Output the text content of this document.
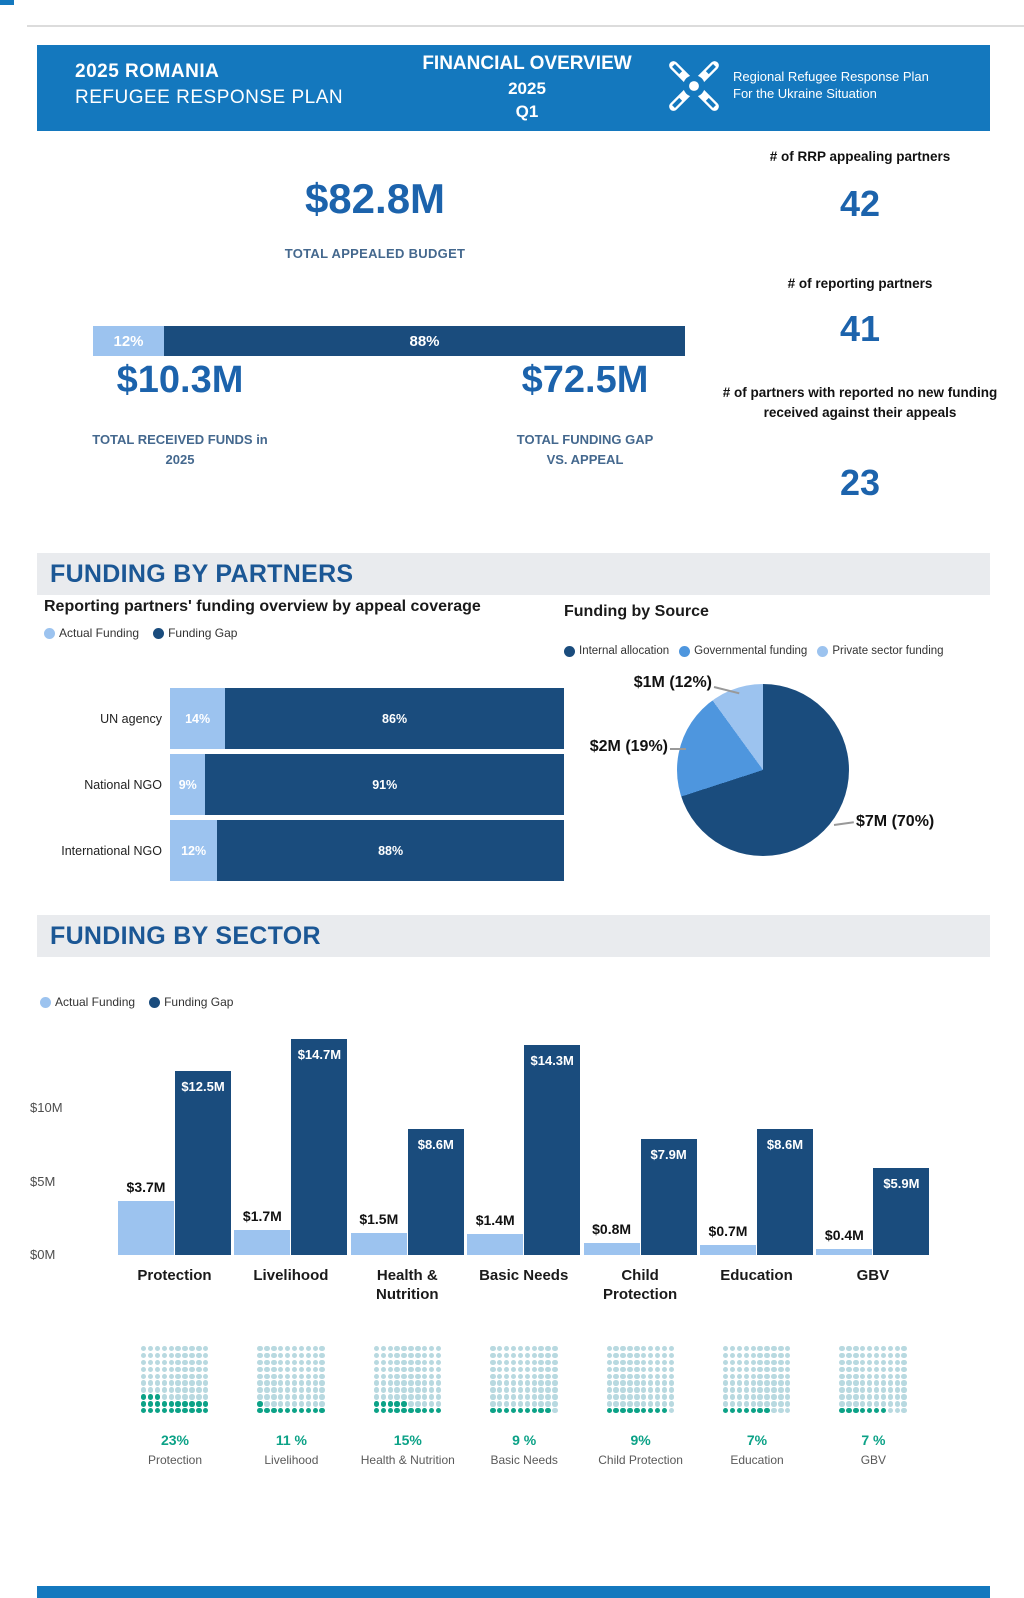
2025 ROMANIA
REFUGEE RESPONSE PLAN
FINANCIAL OVERVIEW
2025
Q1
Regional Refugee Response Plan
For the Ukraine Situation
$82.8M
TOTAL APPEALED BUDGET
# of RRP appealing partners
42
# of reporting partners
41
# of partners with reported no new funding received against their appeals
23
12%	88%
$10.3M	$72.5M
TOTAL RECEIVED FUNDS in
2025
TOTAL FUNDING GAP
VS. APPEAL
FUNDING BY PARTNERS
Reporting partners' funding overview by appeal coverage
Actual Funding Funding Gap
UN agency	14%	86%
National NGO	9%	91%
International NGO	12%	88%
Funding by Source
Internal allocation Governmental funding Private sector funding
$1M (12%)
$2M (19%)
$7M (70%)
FUNDING BY SECTOR
Actual Funding Funding Gap
$0M
$5M
$10M
$3.7M
$12.5M
Protection
$1.7M
$14.7M
Livelihood
$1.5M
$8.6M
Health &
Nutrition
$1.4M
$14.3M
Basic Needs
$0.8M
$7.9M
Child
Protection
$0.7M
$8.6M
Education
$0.4M
$5.9M
GBV
23%
Protection
11 %
Livelihood
15%
Health & Nutrition
9 %
Basic Needs
9%
Child Protection
7%
Education
7 %
GBV
